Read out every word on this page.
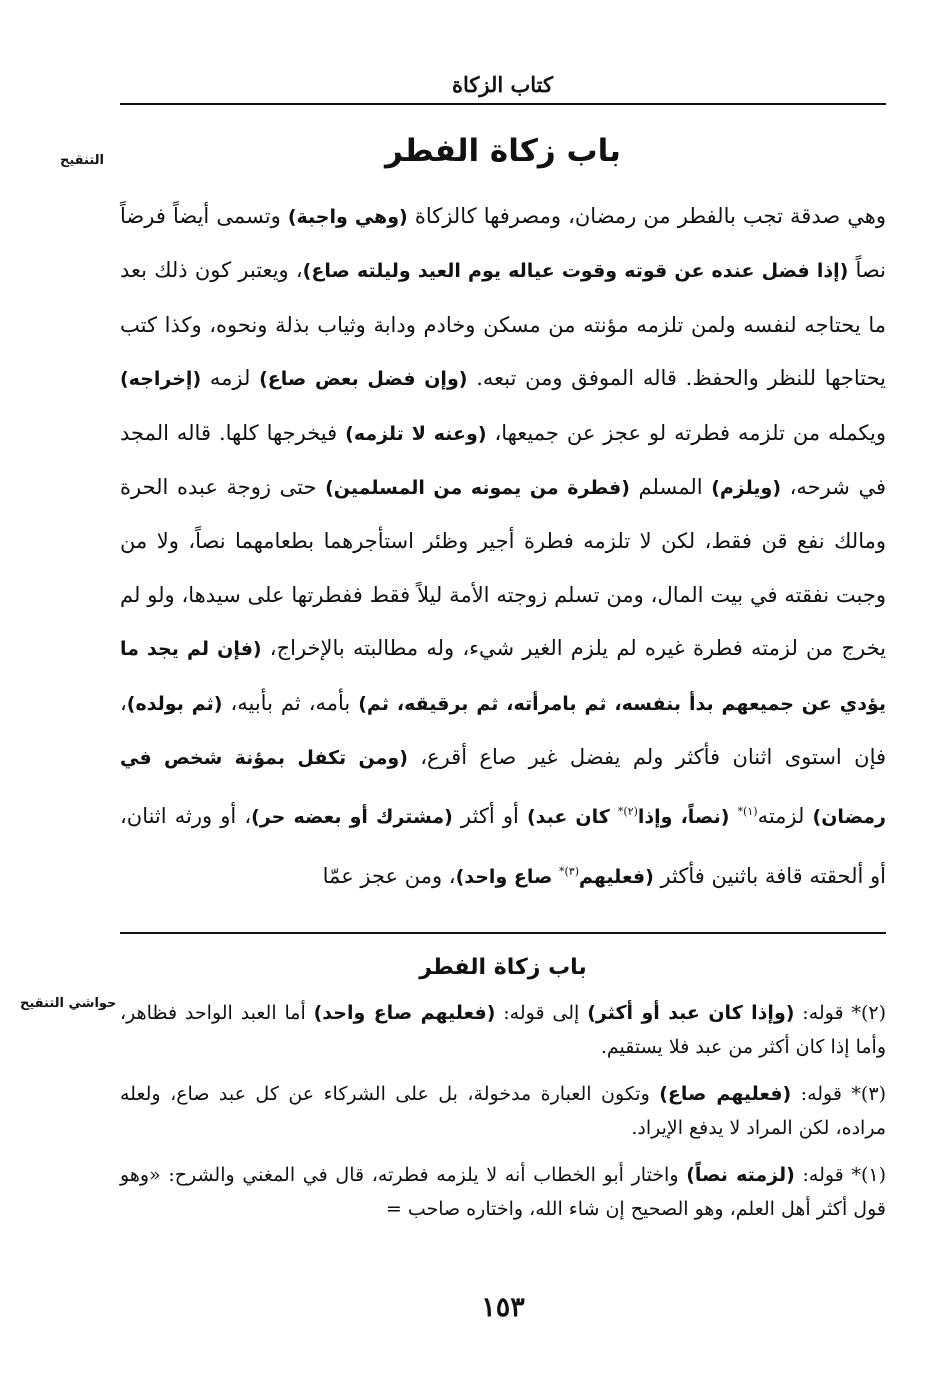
كتاب الزكاة
التنقيح	باب زكاة الفطر

وهي صدقة تجب بالفطر من رمضان، ومصرفها كالزكاة (وهي واجبة) وتسمى أيضاً فرضاً نصاً (إذا فضل عنده عن قوته وقوت عياله يوم العيد وليلته صاع)، ويعتبر كون ذلك بعد ما يحتاجه لنفسه ولمن تلزمه مؤنته من مسكن وخادم ودابة وثياب بذلة ونحوه، وكذا كتب يحتاجها للنظر والحفظ. قاله الموفق ومن تبعه. (وإن فضل بعض صاع) لزمه (إخراجه) ويكمله من تلزمه فطرته لو عجز عن جميعها، (وعنه لا تلزمه) فيخرجها كلها. قاله المجد في شرحه، (ويلزم) المسلم (فطرة من يمونه من المسلمين) حتى زوجة عبده الحرة ومالك نفع قن فقط، لكن لا تلزمه فطرة أجير وظئر استأجرهما بطعامهما نصاً، ولا من وجبت نفقته في بيت المال، ومن تسلم زوجته الأمة ليلاً فقط ففطرتها على سيدها، ولو لم يخرج من لزمته فطرة غيره لم يلزم الغير شيء، وله مطالبته بالإخراج، (فإن لم يجد ما يؤدي عن جميعهم بدأ بنفسه، ثم بامرأته، ثم برقيقه، ثم) بأمه، ثم بأبيه، (ثم بولده)، فإن استوى اثنان فأكثر ولم يفضل غير صاع أقرع، (ومن تكفل بمؤنة شخص في رمضان) لزمته$^{(١)*}$ (نصاً، وإذا$^{(٢)*}$ كان عبد) أو أكثر (مشترك أو بعضه حر)، أو ورثه اثنان، أو ألحقته قافة باثنين فأكثر (فعليهم$^{(٣)*}$ صاع واحد)، ومن عجز عمّا

باب زكاة الفطر
حواشي التنقيح	(٢)* قوله: (وإذا كان عبد أو أكثر) إلى قوله: (فعليهم صاع واحد) أما العبد الواحد فظاهر، وأما إذا كان أكثر من عبد فلا يستقيم.

(٣)* قوله: (فعليهم صاع) وتكون العبارة مدخولة، بل على الشركاء عن كل عبد صاع، ولعله مراده، لكن المراد لا يدفع الإيراد.

(١)* قوله: (لزمته نصاً) واختار أبو الخطاب أنه لا يلزمه فطرته، قال في المغني والشرح: «وهو قول أكثر أهل العلم، وهو الصحيح إن شاء الله، واختاره صاحب =

١٥٣
